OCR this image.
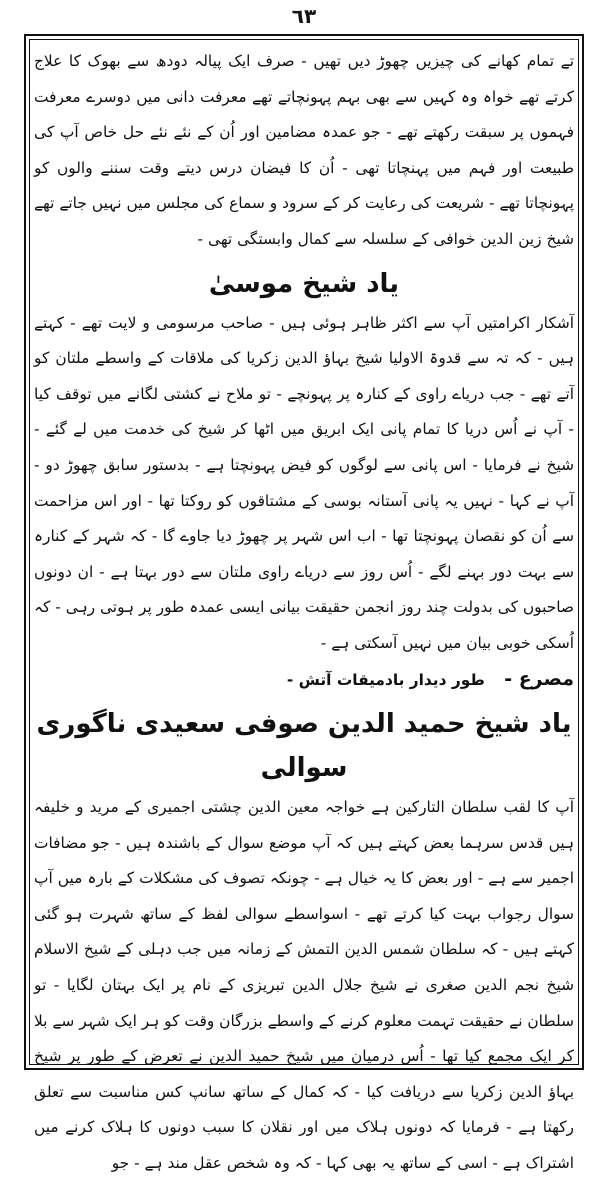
٦٣

تے تمام کھانے کی چیزیں چھوڑ دیں تھیں - صرف ایک پیالہ دودھ سے بھوک کا علاج کرتے تھے خواہ وہ کہیں سے بھی بہم پہونچاتے تھے معرفت دانی میں دوسرے معرفت فہموں پر سبقت رکھتے تھے - جو عمدہ مضامین اور اُن کے نئے نئے حل خاص آپ کی طبیعت اور فہم میں پہنچاتا تھی - اُن کا فیضان درس دیتے وقت سننے والوں کو پہونچاتا تھے - شریعت کی رعایت کر کے سرود و سماع کی مجلس میں نہیں جاتے تھے شیخ زین الدین خوافی کے سلسلہ سے کمال وابستگی تھی -

یاد شیخ موسیٰ

آشکار اکرامتیں آپ سے اکثر ظاہر ہوئی ہیں - صاحب مرسومی و لایت تھے - کہتے ہیں - کہ تہ سے قدوۃ الاولیا شیخ بہاؤ الدین زکریا کی ملاقات کے واسطے ملتان کو آتے تھے - جب دریاے راوی کے کنارہ پر پہونچے - تو ملاح نے کشتی لگانے میں توقف کیا - آپ نے اُس دریا کا تمام پانی ایک ابریق میں اٹھا کر شیخ کی خدمت میں لے گئے - شیخ نے فرمایا - اس پانی سے لوگوں کو فیض پہونچتا ہے - بدستور سابق چھوڑ دو - آپ نے کہا - نہیں یہ پانی آستانہ بوسی کے مشتاقوں کو روکتا تھا - اور اس مزاحمت سے اُن کو نقصان پہونچتا تھا - اب اس شہر پر چھوڑ دیا جاوے گا - کہ شہر کے کنارہ سے بہت دور بہنے لگے - اُس روز سے دریاے راوی ملتان سے دور بہتا ہے - ان دونوں صاحبوں کی بدولت چند روز انجمن حقیقت بیانی ایسی عمدہ طور پر ہوتی رہی - کہ اُسکی خوبی بیان میں نہیں آسکتی ہے -

مصرع - طور دیدار بادمیقات آتش -

یاد شیخ حمید الدین صوفی سعیدی ناگوری سوالی

آپ کا لقب سلطان التارکین ہے خواجہ معین الدین چشتی اجمیری کے مرید و خلیفہ ہیں قدس سرہما بعض کہتے ہیں کہ آپ موضع سوال کے باشندہ ہیں - جو مضافات اجمیر سے ہے - اور بعض کا یہ خیال ہے - چونکہ تصوف کی مشکلات کے بارہ میں آپ سوال رجواب بہت کیا کرتے تھے - اسواسطے سوالی لفظ کے ساتھ شہرت ہو گئی کہتے ہیں - کہ سلطان شمس الدین التمش کے زمانہ میں جب دہلی کے شیخ الاسلام شیخ نجم الدین صغری نے شیخ جلال الدین تبریزی کے نام پر ایک بہتان لگایا - تو سلطان نے حقیقت تہمت معلوم کرنے کے واسطے بزرگان وقت کو ہر ایک شہر سے بلا کر ایک مجمع کیا تھا - اُس درمیان میں شیخ حمید الدین نے تعرض کے طور پر شیخ بہاؤ الدین زکریا سے دریافت کیا - کہ کمال کے ساتھ سانپ کس مناسبت سے تعلق رکھتا ہے - فرمایا کہ دونوں ہلاک میں اور نقلان کا سبب دونوں کا ہلاک کرنے میں اشتراک ہے - اسی کے ساتھ یہ بھی کہا - کہ وہ شخص عقل مند ہے - جو
